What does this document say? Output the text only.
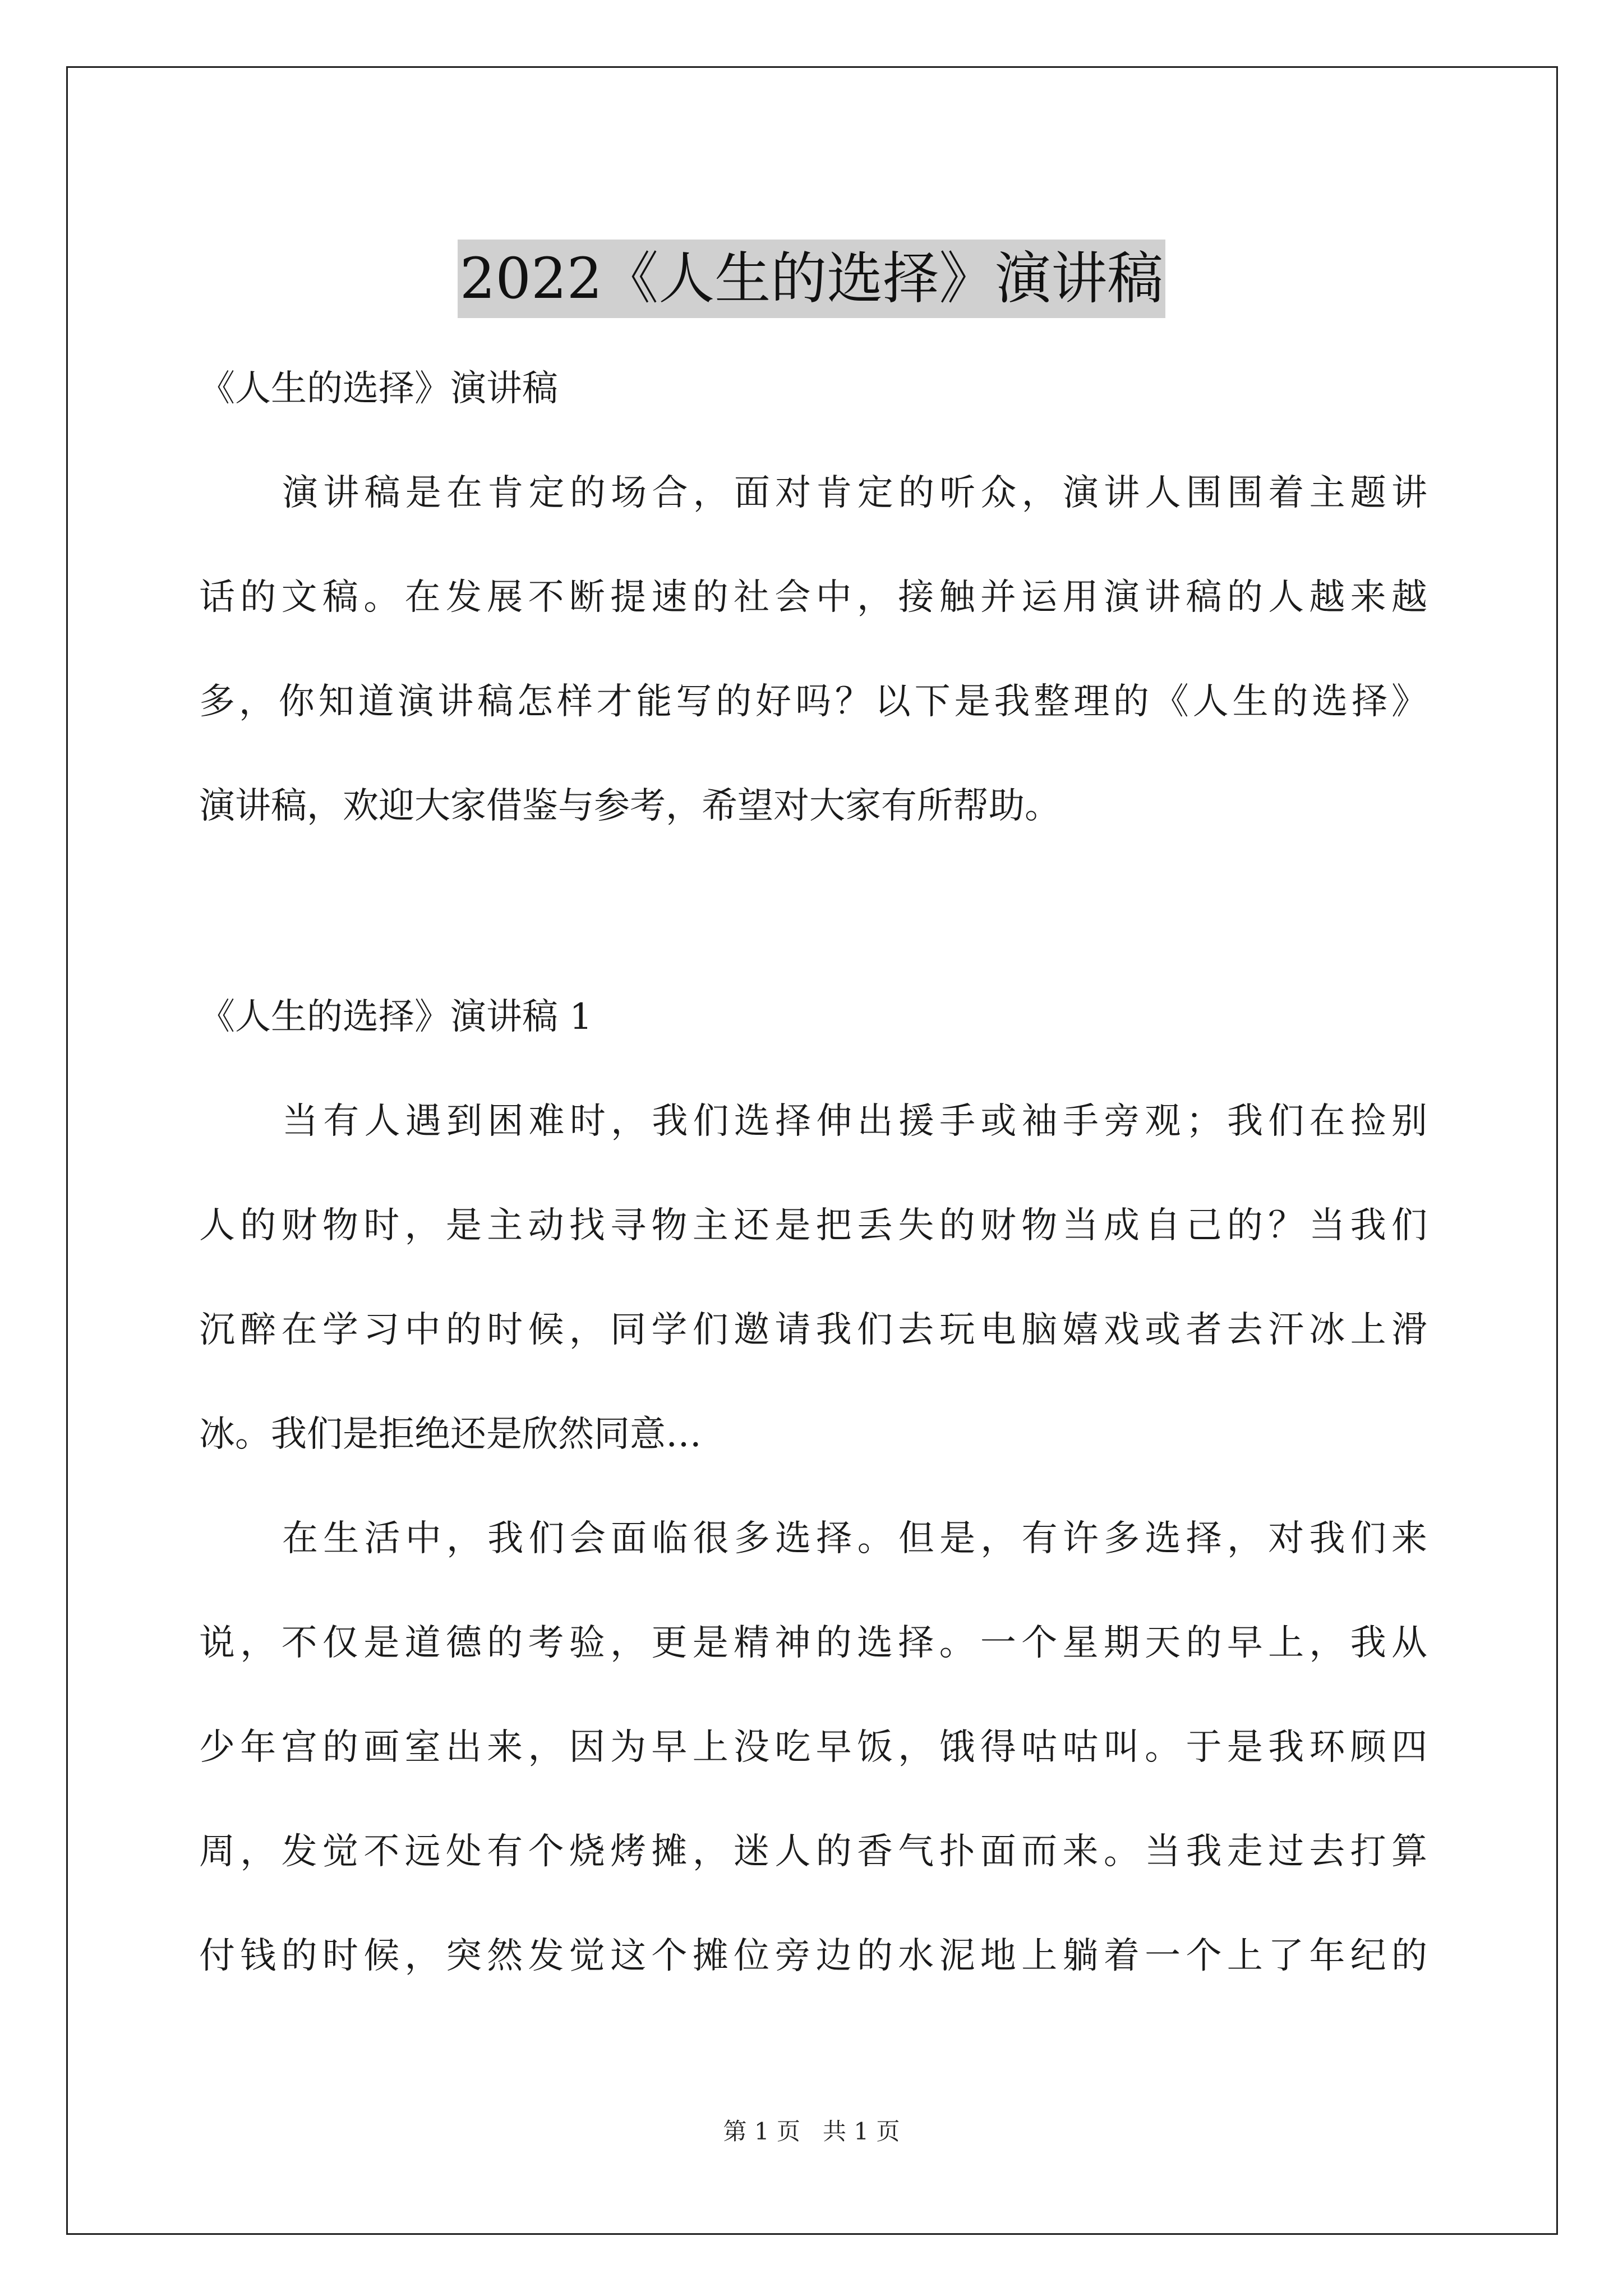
2022《人生的选择》演讲稿
《人生的选择》演讲稿
演讲稿是在肯定的场合，面对肯定的听众，演讲人围围着主题讲
话的文稿。在发展不断提速的社会中，接触并运用演讲稿的人越来越
多，你知道演讲稿怎样才能写的好吗？以下是我整理的《人生的选择》
演讲稿，欢迎大家借鉴与参考，希望对大家有所帮助。
《人生的选择》演讲稿 1
当有人遇到困难时，我们选择伸出援手或袖手旁观；我们在捡别
人的财物时，是主动找寻物主还是把丢失的财物当成自己的？当我们
沉醉在学习中的时候，同学们邀请我们去玩电脑嬉戏或者去汗冰上滑
冰。我们是拒绝还是欣然同意…
在生活中，我们会面临很多选择。但是，有许多选择，对我们来
说，不仅是道德的考验，更是精神的选择。一个星期天的早上，我从
少年宫的画室出来，因为早上没吃早饭，饿得咕咕叫。于是我环顾四
周，发觉不远处有个烧烤摊，迷人的香气扑面而来。当我走过去打算
付钱的时候，突然发觉这个摊位旁边的水泥地上躺着一个上了年纪的
第 1 页 共 1 页
